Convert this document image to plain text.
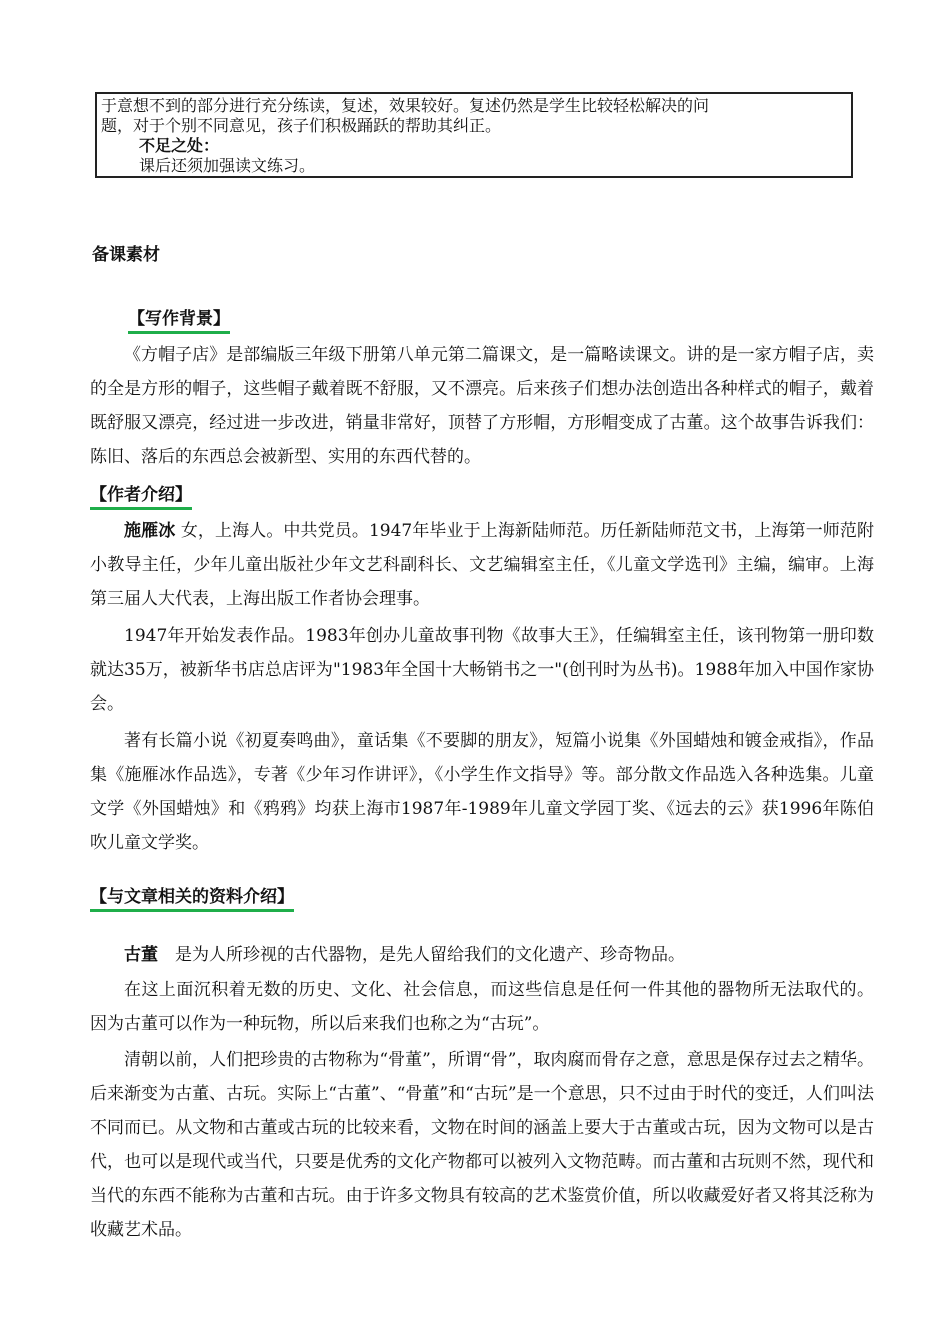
于意想不到的部分进行充分练读，复述，效果较好。复述仍然是学生比较轻松解决的问
题，对于个别不同意见，孩子们积极踊跃的帮助其纠正。
不足之处：
课后还须加强读文练习。
备课素材
【写作背景】

《方帽子店》是部编版三年级下册第八单元第二篇课文，是一篇略读课文。讲的是一家方帽子店，卖的全是方形的帽子，这些帽子戴着既不舒服，又不漂亮。后来孩子们想办法创造出各种样式的帽子，戴着既舒服又漂亮，经过进一步改进，销量非常好，顶替了方形帽，方形帽变成了古董。这个故事告诉我们：陈旧、落后的东西总会被新型、实用的东西代替的。

【作者介绍】

施雁冰 女，上海人。中共党员。1947年毕业于上海新陆师范。历任新陆师范文书，上海第一师范附小教导主任，少年儿童出版社少年文艺科副科长、文艺编辑室主任，《儿童文学选刊》主编，编审。上海第三届人大代表，上海出版工作者协会理事。

1947年开始发表作品。1983年创办儿童故事刊物《故事大王》，任编辑室主任，该刊物第一册印数就达35万，被新华书店总店评为"1983年全国十大畅销书之一"(创刊时为丛书)。1988年加入中国作家协会。

著有长篇小说《初夏奏鸣曲》，童话集《不要脚的朋友》，短篇小说集《外国蜡烛和镀金戒指》，作品集《施雁冰作品选》，专著《少年习作讲评》，《小学生作文指导》等。部分散文作品选入各种选集。儿童文学《外国蜡烛》和《鸦鸦》均获上海市1987年-1989年儿童文学园丁奖、《远去的云》获1996年陈伯吹儿童文学奖。

【与文章相关的资料介绍】

古董　是为人所珍视的古代器物，是先人留给我们的文化遗产、珍奇物品。

在这上面沉积着无数的历史、文化、社会信息，而这些信息是任何一件其他的器物所无法取代的。 因为古董可以作为一种玩物，所以后来我们也称之为“古玩”。

清朝以前，人们把珍贵的古物称为“骨董”，所谓“骨”，取肉腐而骨存之意，意思是保存过去之精华。后来渐变为古董、古玩。实际上“古董”、“骨董”和“古玩”是一个意思，只不过由于时代的变迁，人们叫法不同而已。从文物和古董或古玩的比较来看，文物在时间的涵盖上要大于古董或古玩，因为文物可以是古代，也可以是现代或当代，只要是优秀的文化产物都可以被列入文物范畴。而古董和古玩则不然，现代和当代的东西不能称为古董和古玩。由于许多文物具有较高的艺术鉴赏价值，所以收藏爱好者又将其泛称为收藏艺术品。
